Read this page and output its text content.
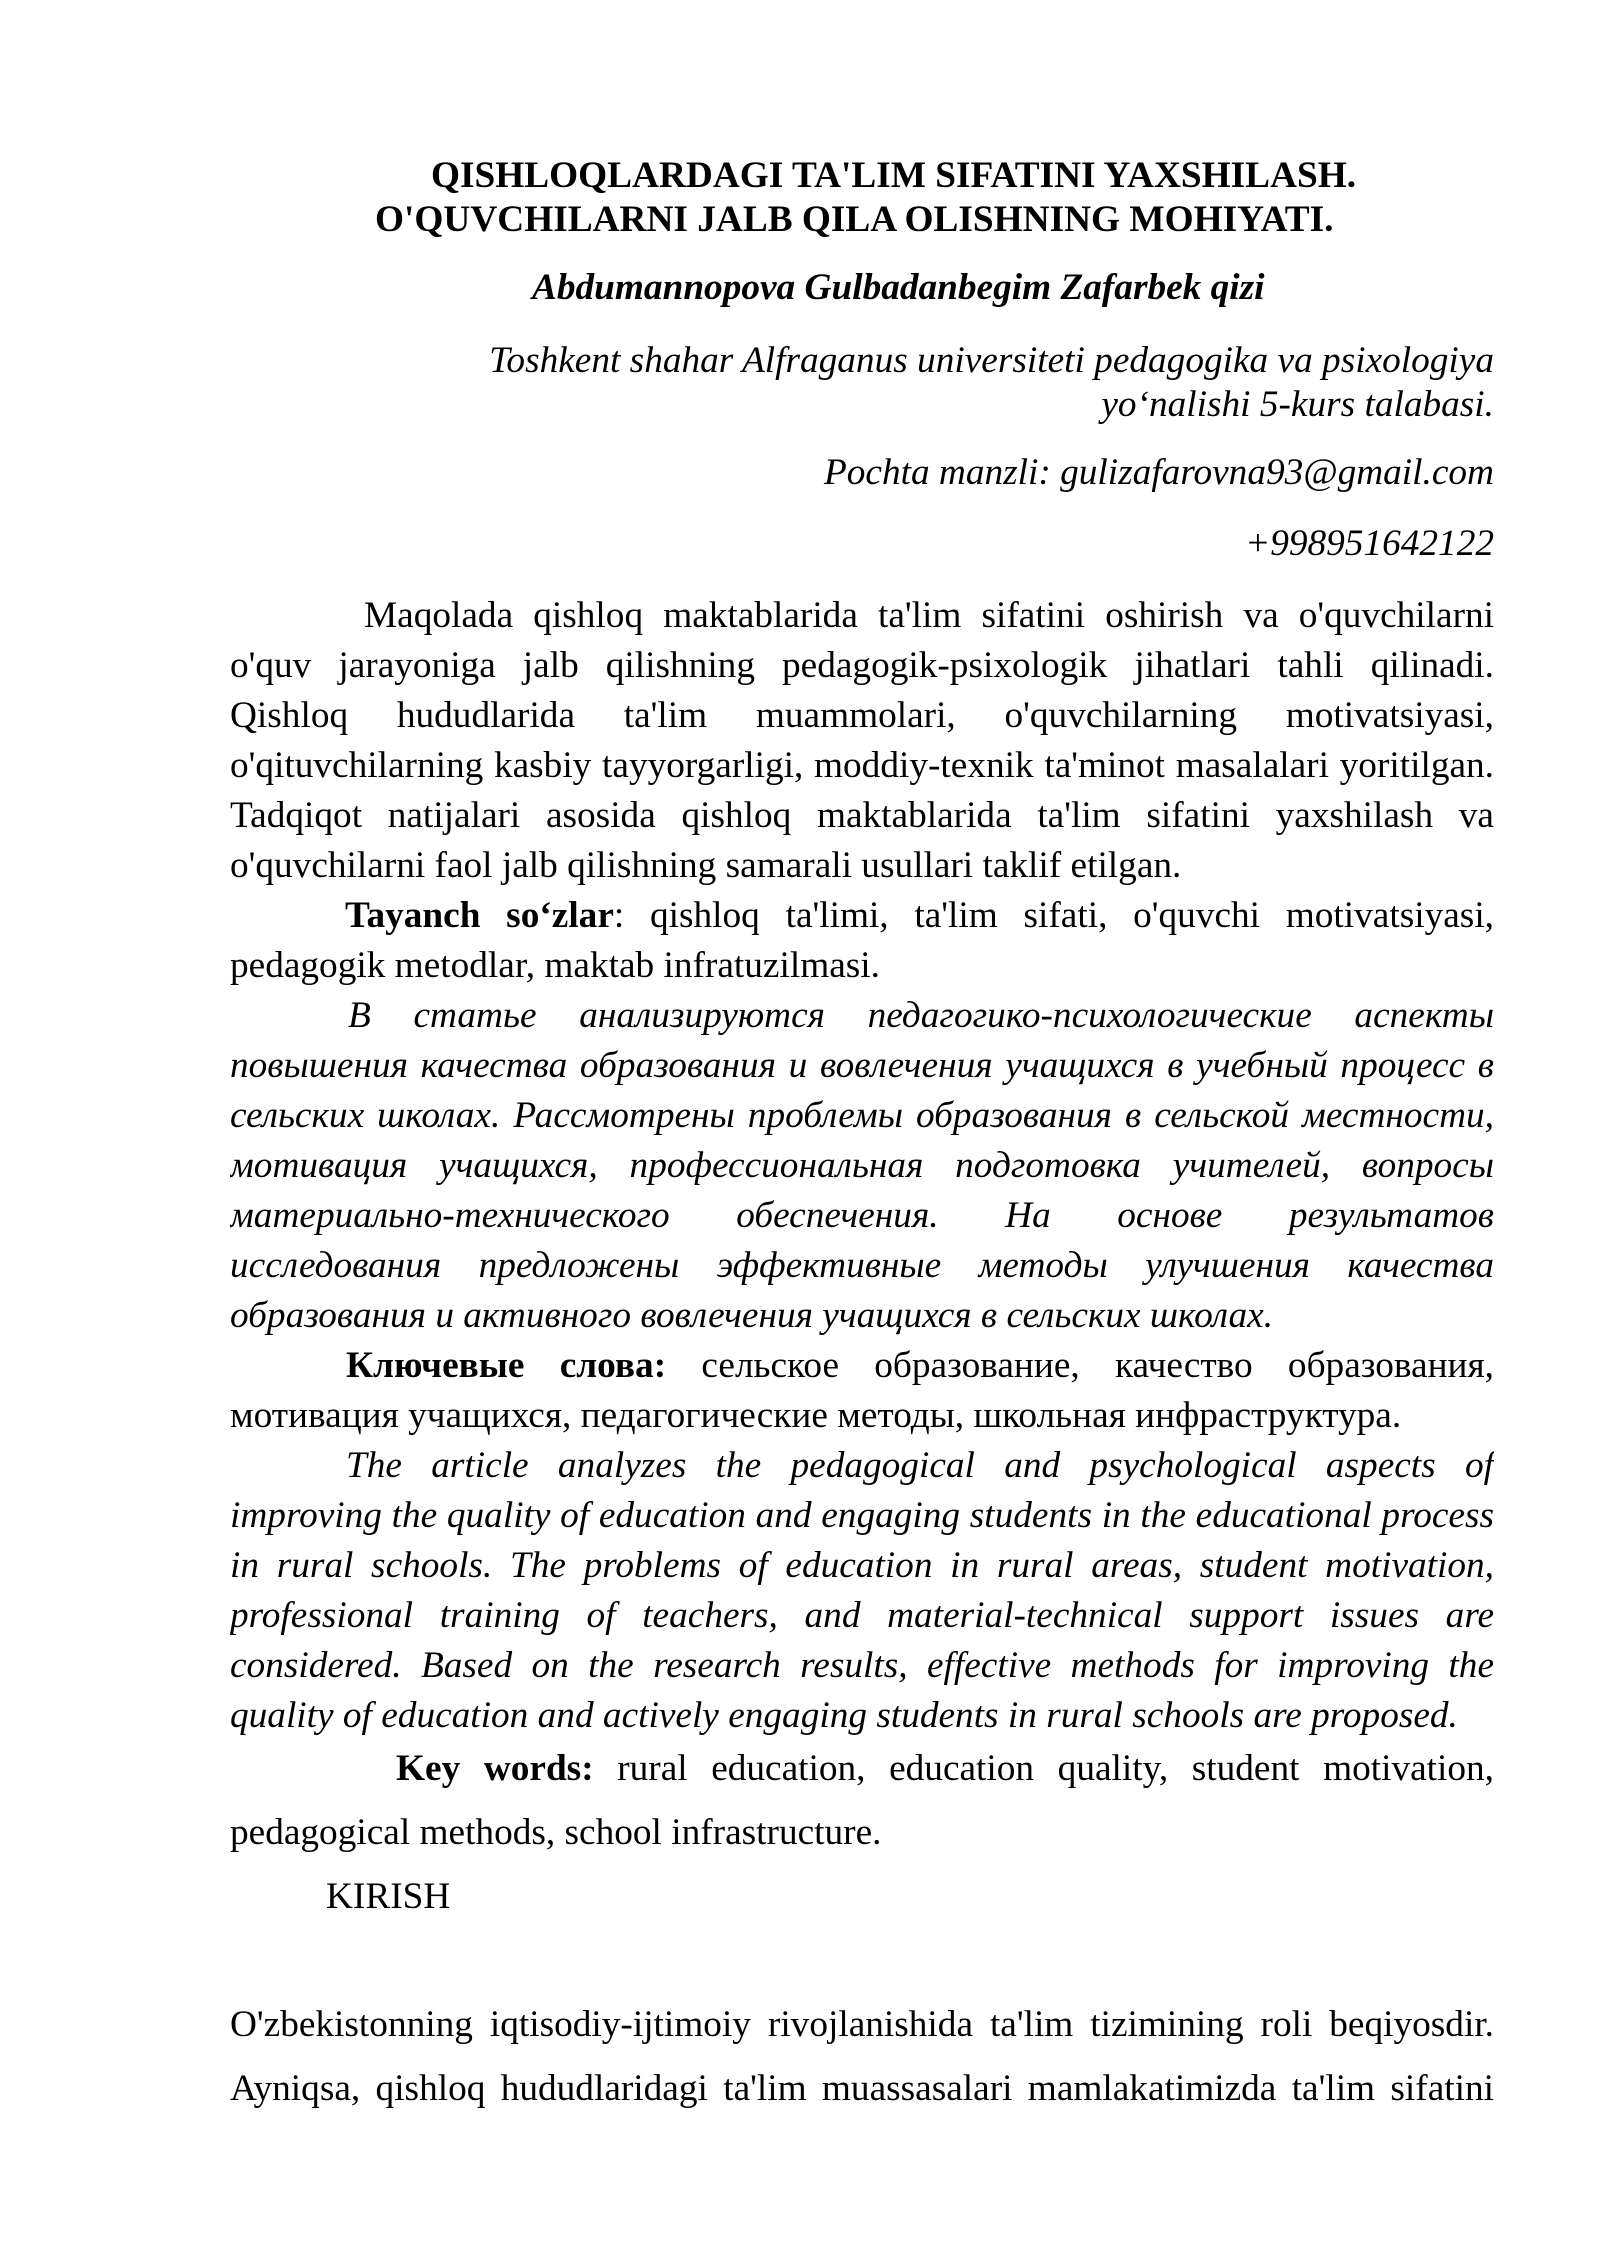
QISHLOQLARDAGI TA'LIM SIFATINI YAXSHILASH.
O'QUVCHILARNI JALB QILA OLISHNING MOHIYATI.
Abdumannopova Gulbadanbegim Zafarbek qizi
Toshkent shahar Alfraganus universiteti pedagogika va psixologiya
yo‘nalishi 5-kurs talabasi.
Pochta manzli: gulizafarovna93@gmail.com
+998951642122
Maqolada qishloq maktablarida ta'lim sifatini oshirish va o'quvchilarni
o'quv jarayoniga jalb qilishning pedagogik-psixologik jihatlari tahli qilinadi.
Qishloq hududlarida ta'lim muammolari, o'quvchilarning motivatsiyasi,
o'qituvchilarning kasbiy tayyorgarligi, moddiy-texnik ta'minot masalalari yoritilgan.
Tadqiqot natijalari asosida qishloq maktablarida ta'lim sifatini yaxshilash va
o'quvchilarni faol jalb qilishning samarali usullari taklif etilgan.
Tayanch so‘zlar: qishloq ta'limi, ta'lim sifati, o'quvchi motivatsiyasi,
pedagogik metodlar, maktab infratuzilmasi.
В статье анализируются педагогико-психологические аспекты
повышения качества образования и вовлечения учащихся в учебный процесс в
сельских школах. Рассмотрены проблемы образования в сельской местности,
мотивация учащихся, профессиональная подготовка учителей, вопросы
материально-технического обеспечения. На основе результатов
исследования предложены эффективные методы улучшения качества
образования и активного вовлечения учащихся в сельских школах.
Ключевые слова: сельское образование, качество образования,
мотивация учащихся, педагогические методы, школьная инфраструктура.
The article analyzes the pedagogical and psychological aspects of
improving the quality of education and engaging students in the educational process
in rural schools. The problems of education in rural areas, student motivation,
professional training of teachers, and material-technical support issues are
considered. Based on the research results, effective methods for improving the
quality of education and actively engaging students in rural schools are proposed.
Key words: rural education, education quality, student motivation,
pedagogical methods, school infrastructure.
KIRISH
O'zbekistonning iqtisodiy-ijtimoiy rivojlanishida ta'lim tizimining roli beqiyosdir.
Ayniqsa, qishloq hududlaridagi ta'lim muassasalari mamlakatimizda ta'lim sifatini
